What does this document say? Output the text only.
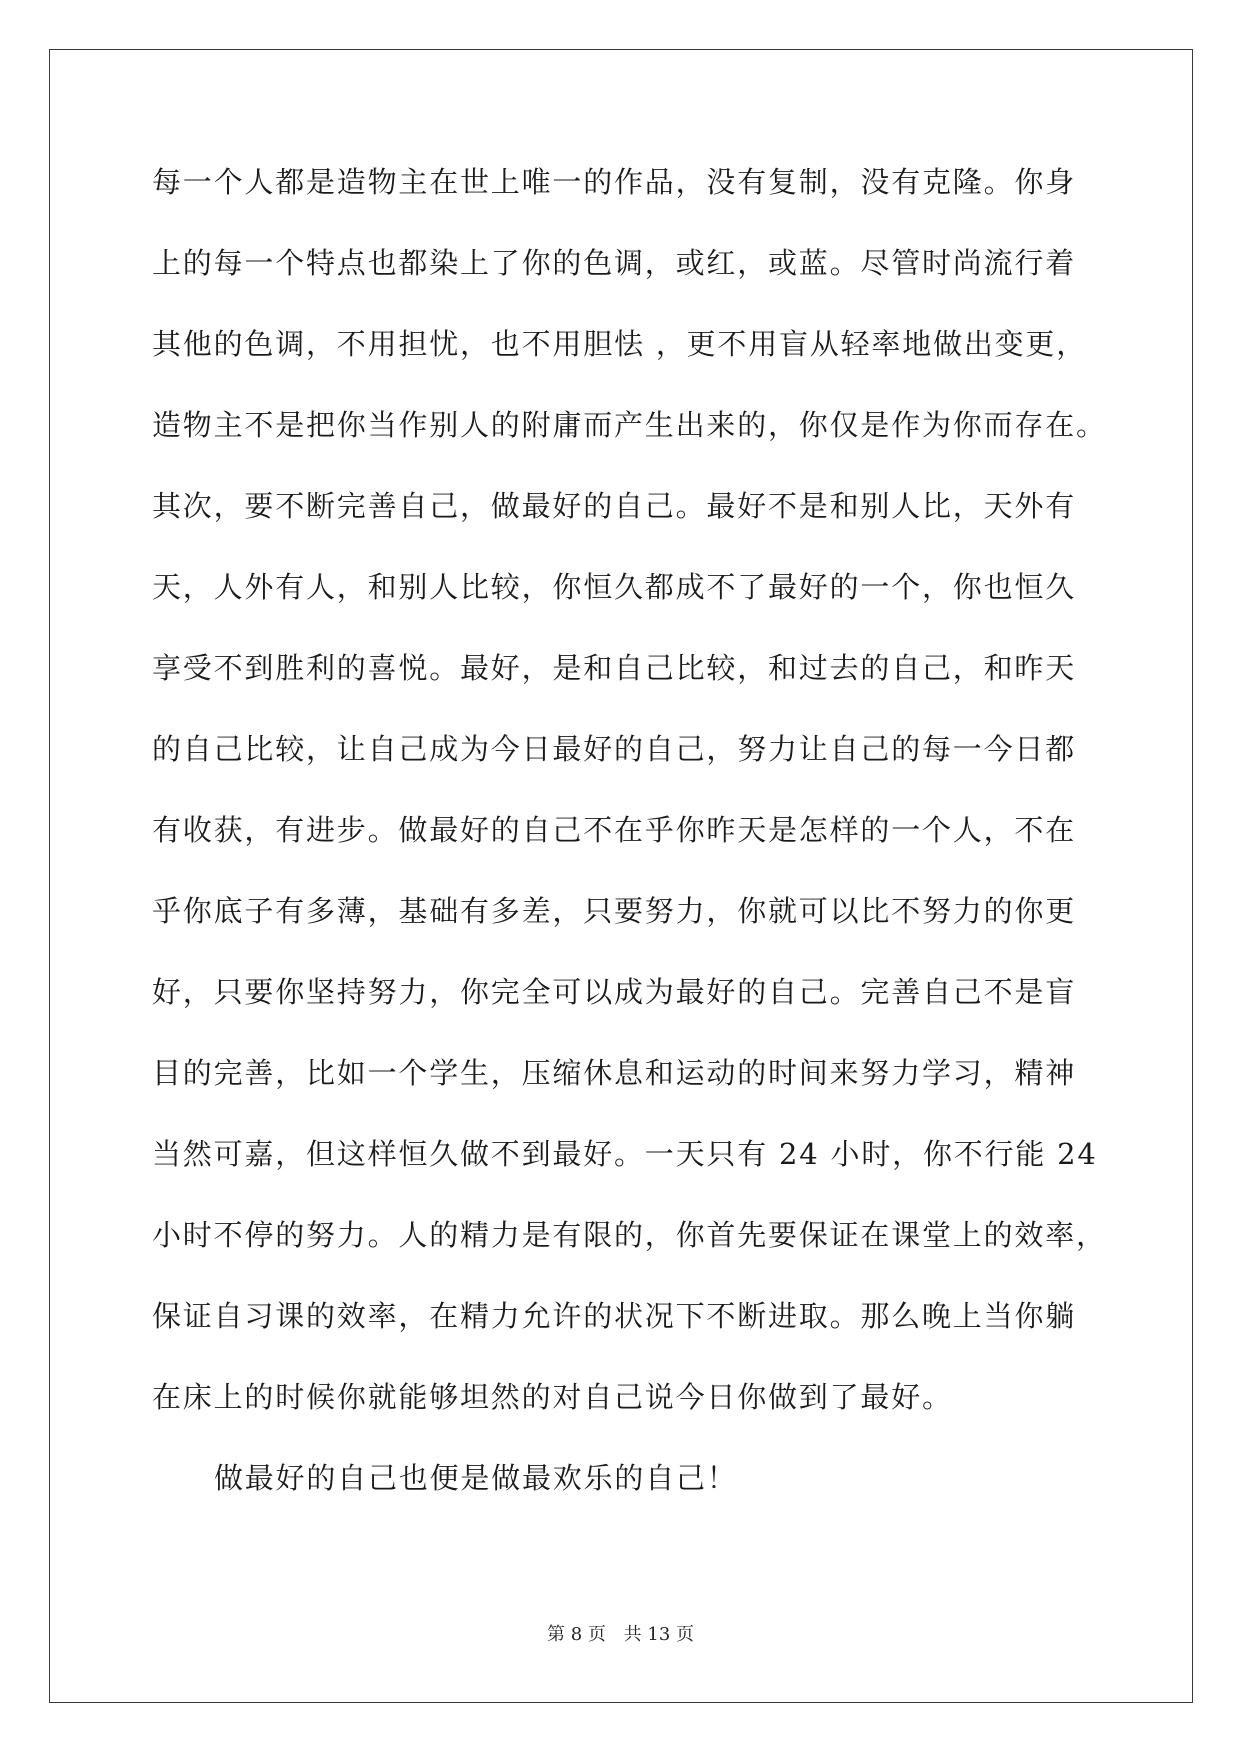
每一个人都是造物主在世上唯一的作品，没有复制，没有克隆。你身
上的每一个特点也都染上了你的色调，或红，或蓝。尽管时尚流行着
其他的色调，不用担忧，也不用胆怯 ，更不用盲从轻率地做出变更，
造物主不是把你当作别人的附庸而产生出来的，你仅是作为你而存在。
其次，要不断完善自己，做最好的自己。最好不是和别人比，天外有
天，人外有人，和别人比较，你恒久都成不了最好的一个，你也恒久
享受不到胜利的喜悦。最好，是和自己比较，和过去的自己，和昨天
的自己比较，让自己成为今日最好的自己，努力让自己的每一今日都
有收获，有进步。做最好的自己不在乎你昨天是怎样的一个人，不在
乎你底子有多薄，基础有多差，只要努力，你就可以比不努力的你更
好，只要你坚持努力，你完全可以成为最好的自己。完善自己不是盲
目的完善，比如一个学生，压缩休息和运动的时间来努力学习，精神
当然可嘉，但这样恒久做不到最好。一天只有 24 小时，你不行能 24
小时不停的努力。人的精力是有限的，你首先要保证在课堂上的效率，
保证自习课的效率，在精力允许的状况下不断进取。那么晚上当你躺
在床上的时候你就能够坦然的对自己说今日你做到了最好。
做最好的自己也便是做最欢乐的自己！
第 8 页 共 13 页
